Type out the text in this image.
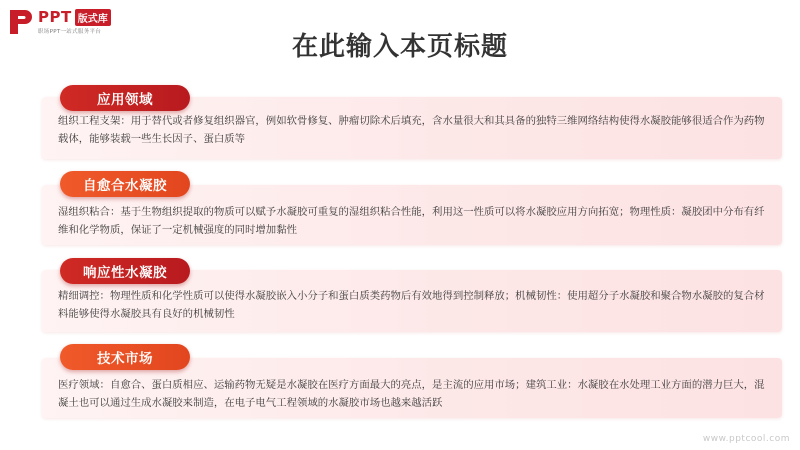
PPT 版式库
职场PPT一站式服务平台	在此输入本页标题
组织工程支架：用于替代或者修复组织器官，例如软骨修复、肿瘤切除术后填充，含水量很大和其具备的独特三维网络结构使得水凝胶能够很适合作为药物载体，能够装载一些生长因子、蛋白质等
应用领域
湿组织粘合：基于生物组织提取的物质可以赋予水凝胶可重复的湿组织粘合性能，利用这一性质可以将水凝胶应用方向拓宽；物理性质：凝胶团中分布有纤维和化学物质，保证了一定机械强度的同时增加黏性
自愈合水凝胶
精细调控：物理性质和化学性质可以使得水凝胶嵌入小分子和蛋白质类药物后有效地得到控制释放；机械韧性：使用超分子水凝胶和聚合物水凝胶的复合材料能够使得水凝胶具有良好的机械韧性
响应性水凝胶
医疗领域：自愈合、蛋白质相应、运输药物无疑是水凝胶在医疗方面最大的亮点，是主流的应用市场；建筑工业：水凝胶在水处理工业方面的潜力巨大，混凝土也可以通过生成水凝胶来制造，在电子电气工程领域的水凝胶市场也越来越活跃
技术市场
www.pptcool.com
